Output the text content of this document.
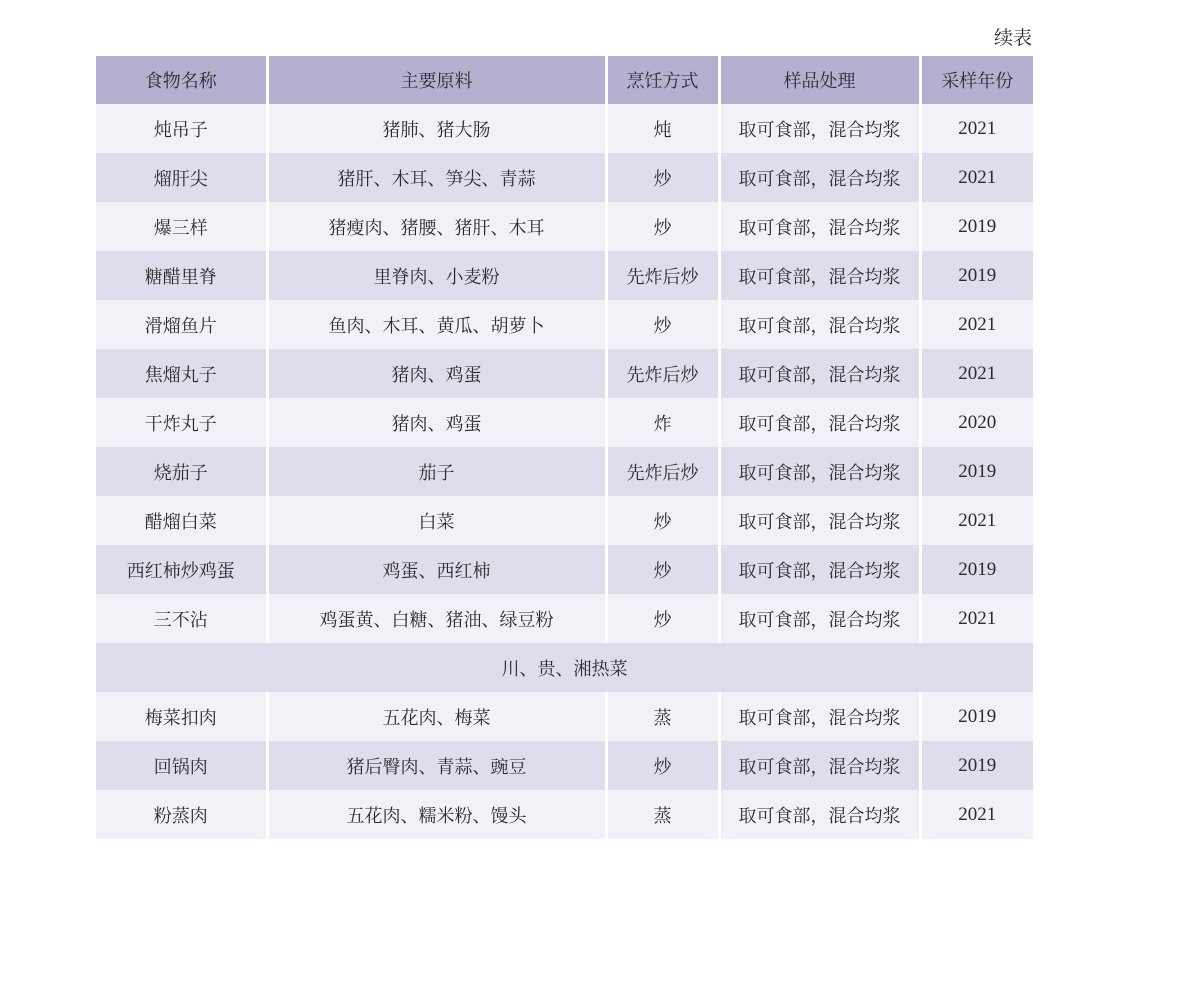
续表
食物名称	主要原料	烹饪方式	样品处理	采样年份
炖吊子	猪肺、猪大肠	炖	取可食部，混合均浆	2021
熘肝尖	猪肝、木耳、笋尖、青蒜	炒	取可食部，混合均浆	2021
爆三样	猪瘦肉、猪腰、猪肝、木耳	炒	取可食部，混合均浆	2019
糖醋里脊	里脊肉、小麦粉	先炸后炒	取可食部，混合均浆	2019
滑熘鱼片	鱼肉、木耳、黄瓜、胡萝卜	炒	取可食部，混合均浆	2021
焦熘丸子	猪肉、鸡蛋	先炸后炒	取可食部，混合均浆	2021
干炸丸子	猪肉、鸡蛋	炸	取可食部，混合均浆	2020
烧茄子	茄子	先炸后炒	取可食部，混合均浆	2019
醋熘白菜	白菜	炒	取可食部，混合均浆	2021
西红柿炒鸡蛋	鸡蛋、西红柿	炒	取可食部，混合均浆	2019
三不沾	鸡蛋黄、白糖、猪油、绿豆粉	炒	取可食部，混合均浆	2021
川、贵、湘热菜				
梅菜扣肉	五花肉、梅菜	蒸	取可食部，混合均浆	2019
回锅肉	猪后臀肉、青蒜、豌豆	炒	取可食部，混合均浆	2019
粉蒸肉	五花肉、糯米粉、馒头	蒸	取可食部，混合均浆	2021
